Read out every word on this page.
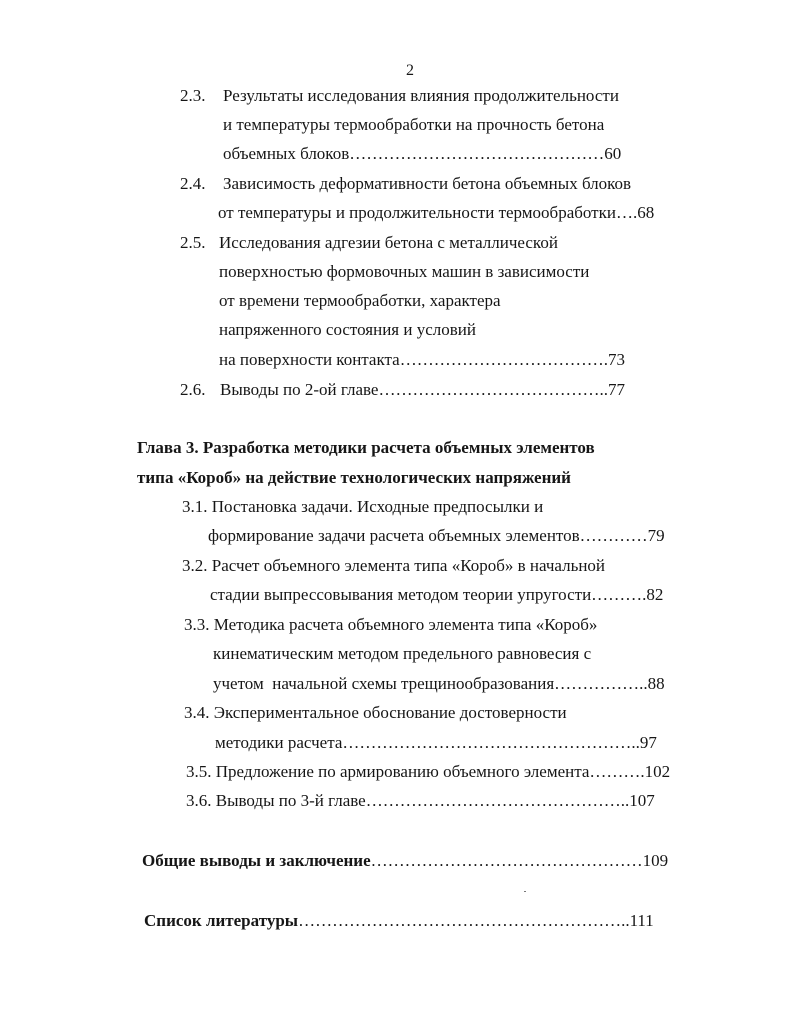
2
2.3. Результаты исследования влияния продолжительности
и температуры термообработки на прочность бетона
объемных блоков………………………………………60
2.4. Зависимость деформативности бетона объемных блоков
от температуры и продолжительности термообработки….68
2.5. Исследования адгезии бетона с металлической
поверхностью формовочных машин в зависимости
от времени термообработки, характера
напряженного состояния и условий
на поверхности контакта……………………………….73
2.6. Выводы по 2-ой главе…………………………………..77
Глава 3. Разработка методики расчета объемных элементов
типа «Короб» на действие технологических напряжений
3.1. Постановка задачи. Исходные предпосылки и
формирование задачи расчета объемных элементов…………79
3.2. Расчет объемного элемента типа «Короб» в начальной
стадии выпрессовывания методом теории упругости……….82
3.3. Методика расчета объемного элемента типа «Короб»
кинематическим методом предельного равновесия с
учетом  начальной схемы трещинообразования……………..88
3.4. Экспериментальное обоснование достоверности
методики расчета……………………………………………..97
3.5. Предложение по армированию объемного элемента……….102
3.6. Выводы по 3-й главе………………………………………..107
Общие выводы и заключение…………………………………………109
Список литературы…………………………………………………..111
